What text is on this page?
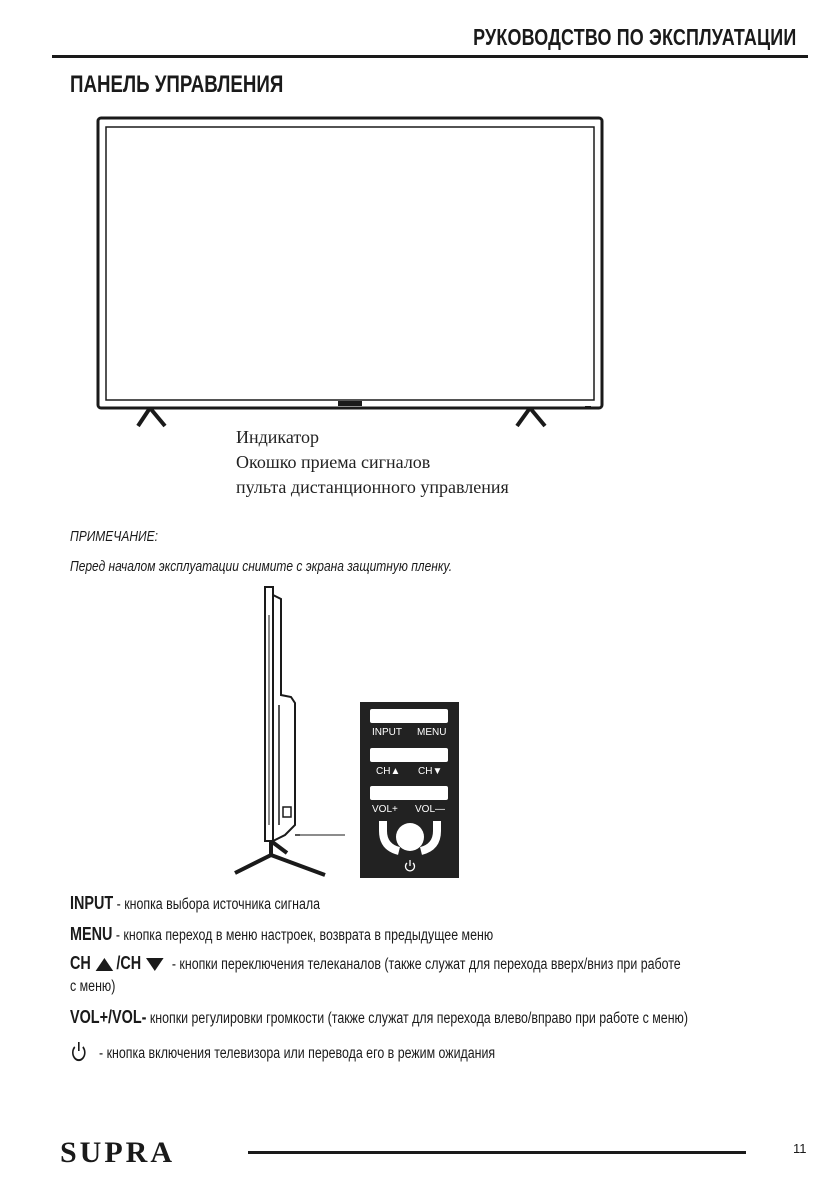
РУКОВОДСТВО ПО ЭКСПЛУАТАЦИИ
ПАНЕЛЬ УПРАВЛЕНИЯ
Индикатор
Окошко приема сигналов
пульта дистанционного управления
ПРИМЕЧАНИЕ:
Перед началом эксплуатации снимите с экрана защитную пленку.
INPUT MENU
CH▲ CH▼
VOL+ VOL—
INPUT - кнопка выбора источника сигнала
MENU - кнопка переход в меню настроек, возврата в предыдущее меню
CH /CH - кнопки переключения телеканалов (также служат для перехода вверх/вниз при работе
с меню)
VOL+/VOL- кнопки регулировки громкости (также служат для перехода влево/вправо при работе с меню)
- кнопка включения телевизора или перевода его в режим ожидания
SUPRA	11
